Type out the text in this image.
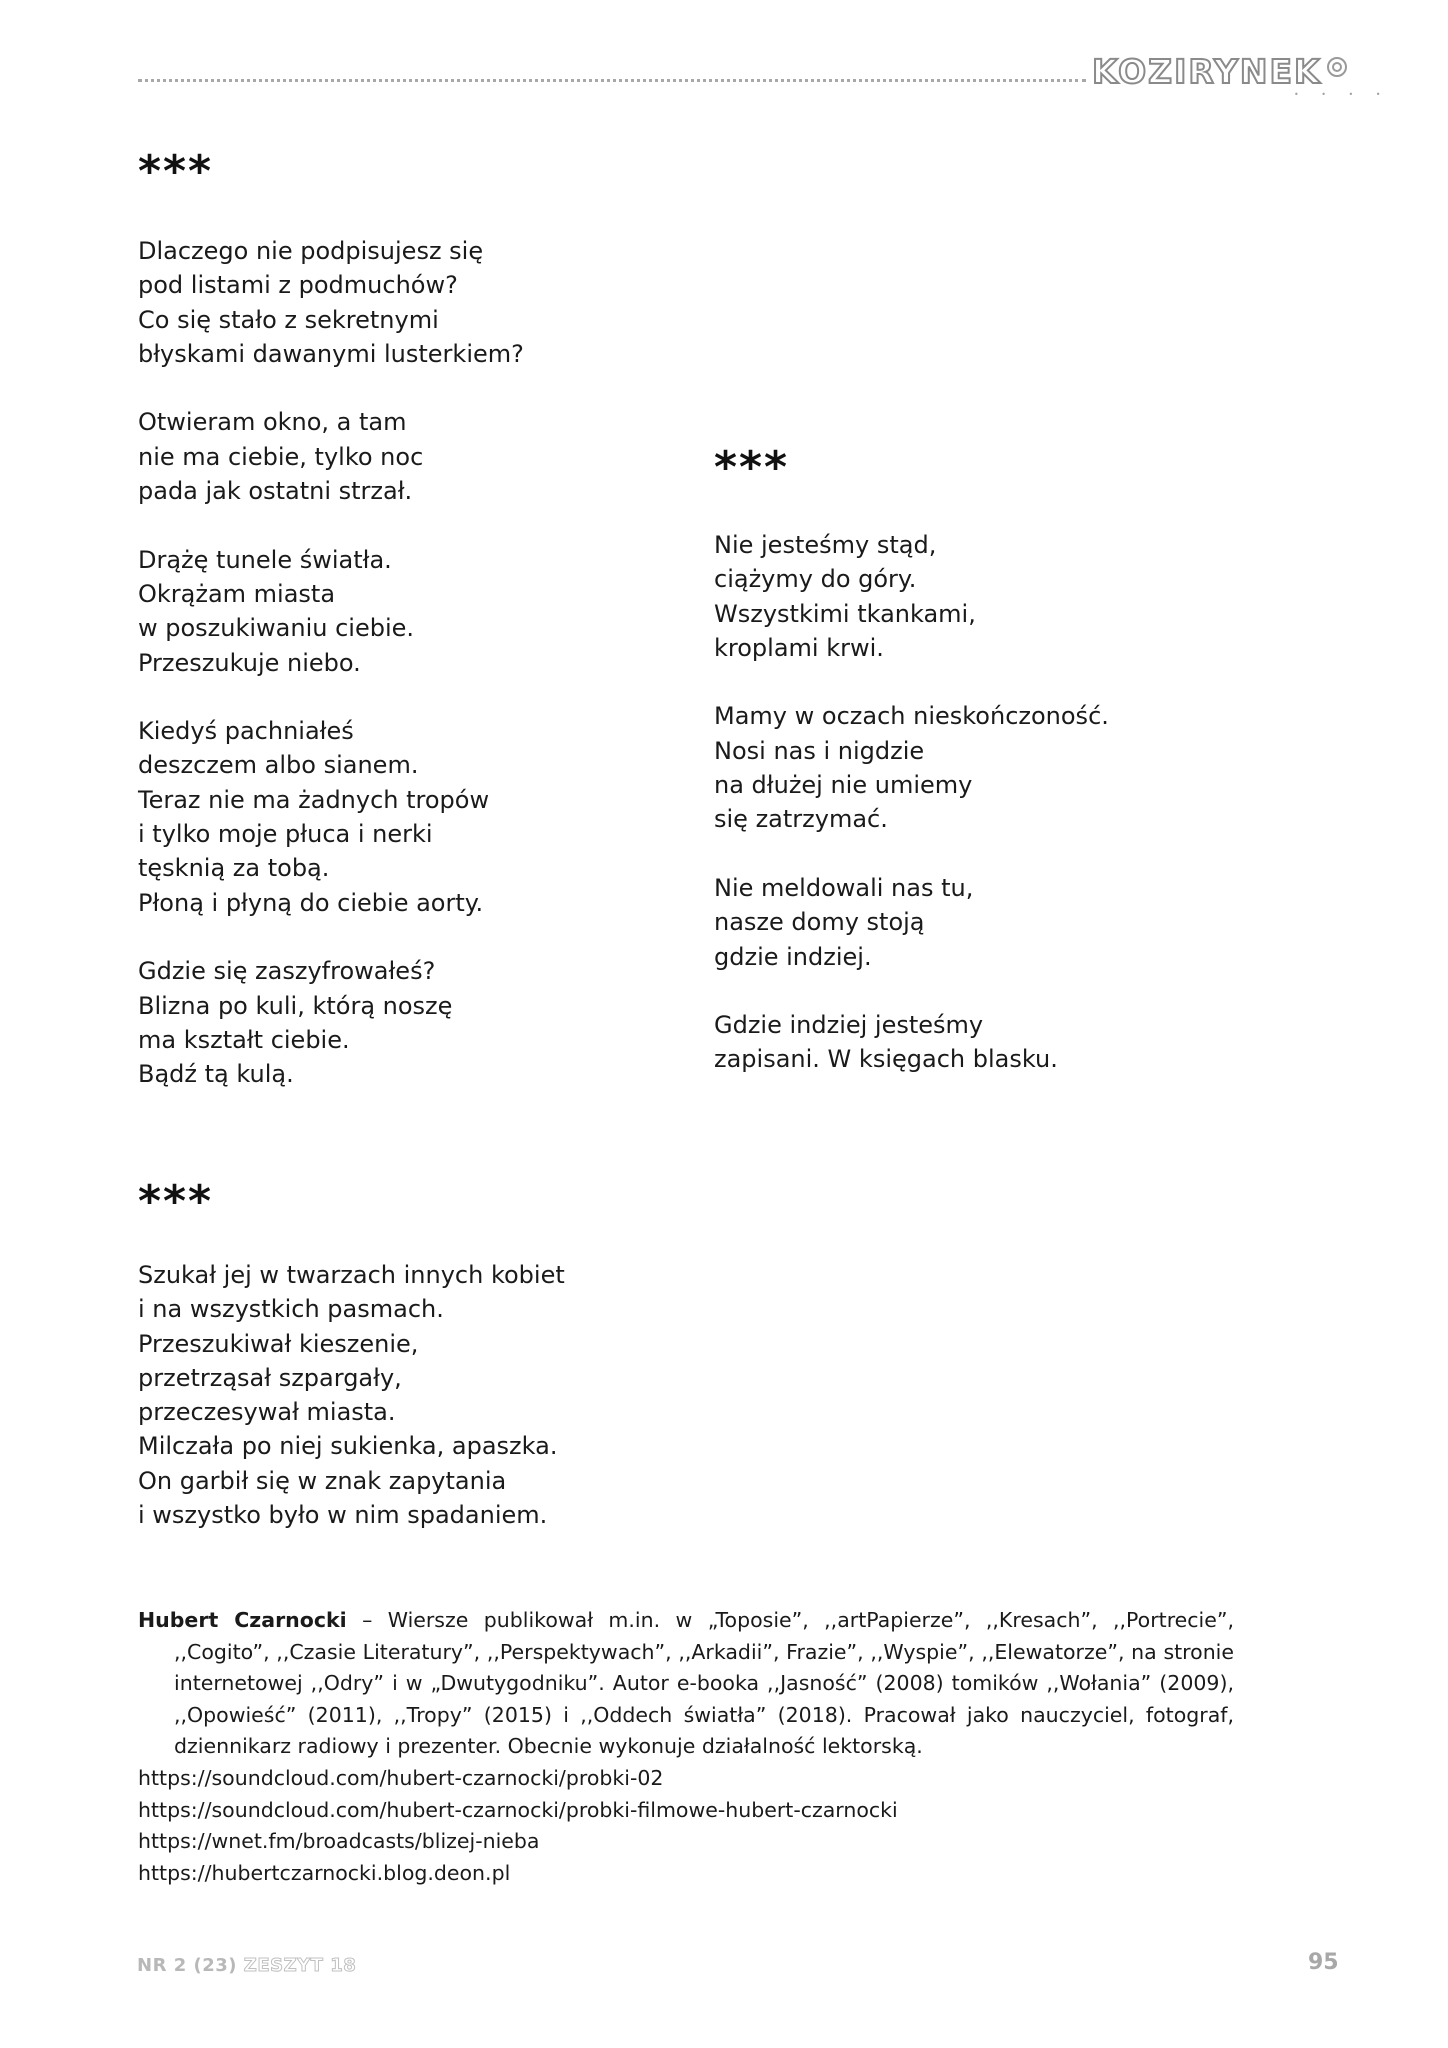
KOZIRYNEK
• • • •
***
Dlaczego nie podpisujesz się
pod listami z podmuchów?
Co się stało z sekretnymi
błyskami dawanymi lusterkiem?
Otwieram okno, a tam
nie ma ciebie, tylko noc
pada jak ostatni strzał.
Drążę tunele światła.
Okrążam miasta
w poszukiwaniu ciebie.
Przeszukuje niebo.
Kiedyś pachniałeś
deszczem albo sianem.
Teraz nie ma żadnych tropów
i tylko moje płuca i nerki
tęsknią za tobą.
Płoną i płyną do ciebie aorty.
Gdzie się zaszyfrowałeś?
Blizna po kuli, którą noszę
ma kształt ciebie.
Bądź tą kulą.
***
Nie jesteśmy stąd,
ciążymy do góry.
Wszystkimi tkankami,
kroplami krwi.
Mamy w oczach nieskończoność.
Nosi nas i nigdzie
na dłużej nie umiemy
się zatrzymać.
Nie meldowali nas tu,
nasze domy stoją
gdzie indziej.
Gdzie indziej jesteśmy
zapisani. W księgach blasku.
***
Szukał jej w twarzach innych kobiet
i na wszystkich pasmach.
Przeszukiwał kieszenie,
przetrząsał szpargały,
przeczesywał miasta.
Milczała po niej sukienka, apaszka.
On garbił się w znak zapytania
i wszystko było w nim spadaniem.

Hubert Czarnocki – Wiersze publikował m.in. w „Toposie”, ,,artPapierze”, ,,Kresach”, ,,Portrecie”, ,,Cogito”, ,,Czasie Literatury”, ,,Perspektywach”, ,,Arkadii”, Frazie”, ,,Wyspie”, ,,Elewatorze”, na stronie internetowej ,,Odry” i w „Dwutygodniku”. Autor e-booka ,,Jasność” (2008) tomików ,,Wołania” (2009), ,,Opowieść” (2011), ,,Tropy” (2015) i ,,Oddech światła” (2018). Pracował jako nauczyciel, fotograf, dziennikarz radiowy i prezenter. Obecnie wykonuje działalność lektorską.

https://soundcloud.com/hubert-czarnocki/probki-02
https://soundcloud.com/hubert-czarnocki/probki-filmowe-hubert-czarnocki
https://wnet.fm/broadcasts/blizej-nieba
https://hubertczarnocki.blog.deon.pl
NR 2 (23) ZESZYT 18	95
